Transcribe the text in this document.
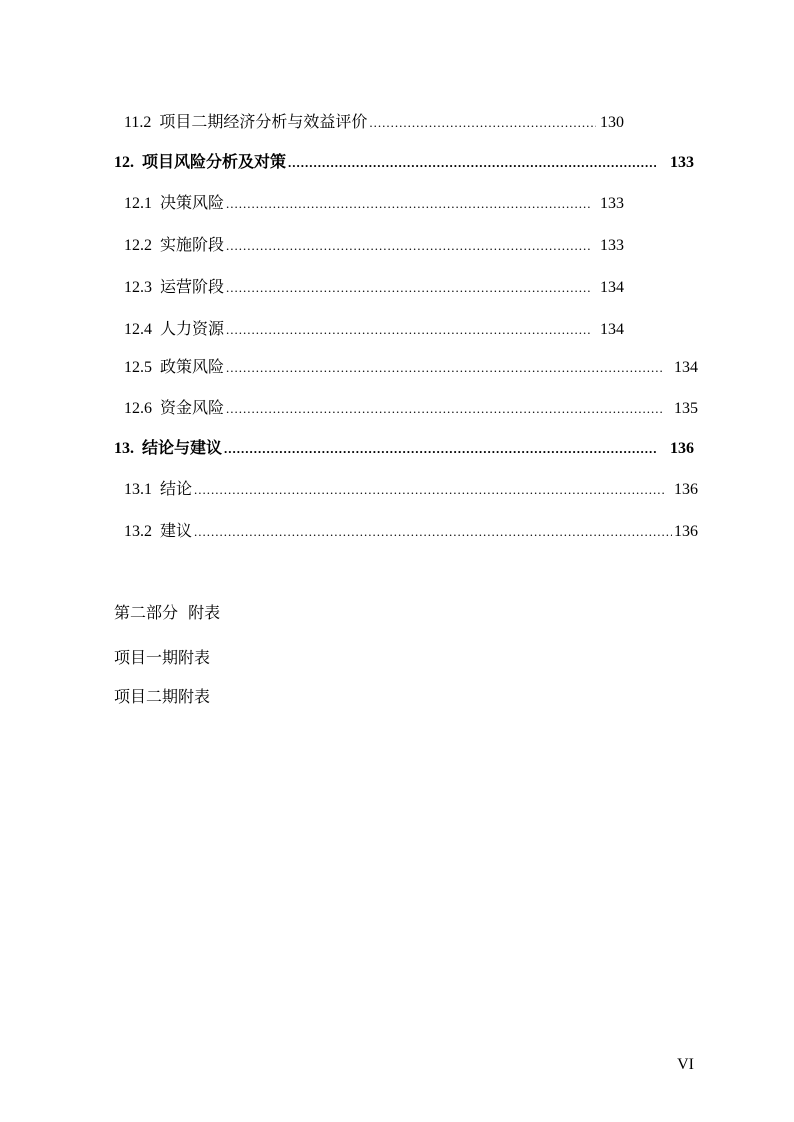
11.2 项目二期经济分析与效益评价 .....	130
12. 项目风险分析及对策 .....	133
12.1 决策风险 .....	133
12.2 实施阶段 .....	133
12.3 运营阶段 .....	134
12.4 人力资源 .....	134
12.5 政策风险 .....	134
12.6 资金风险 .....	135
13. 结论与建议 .....	136
13.1 结论 .....	136
13.2 建议 .....	136
第二部分  附表
项目一期附表
项目二期附表
VI
